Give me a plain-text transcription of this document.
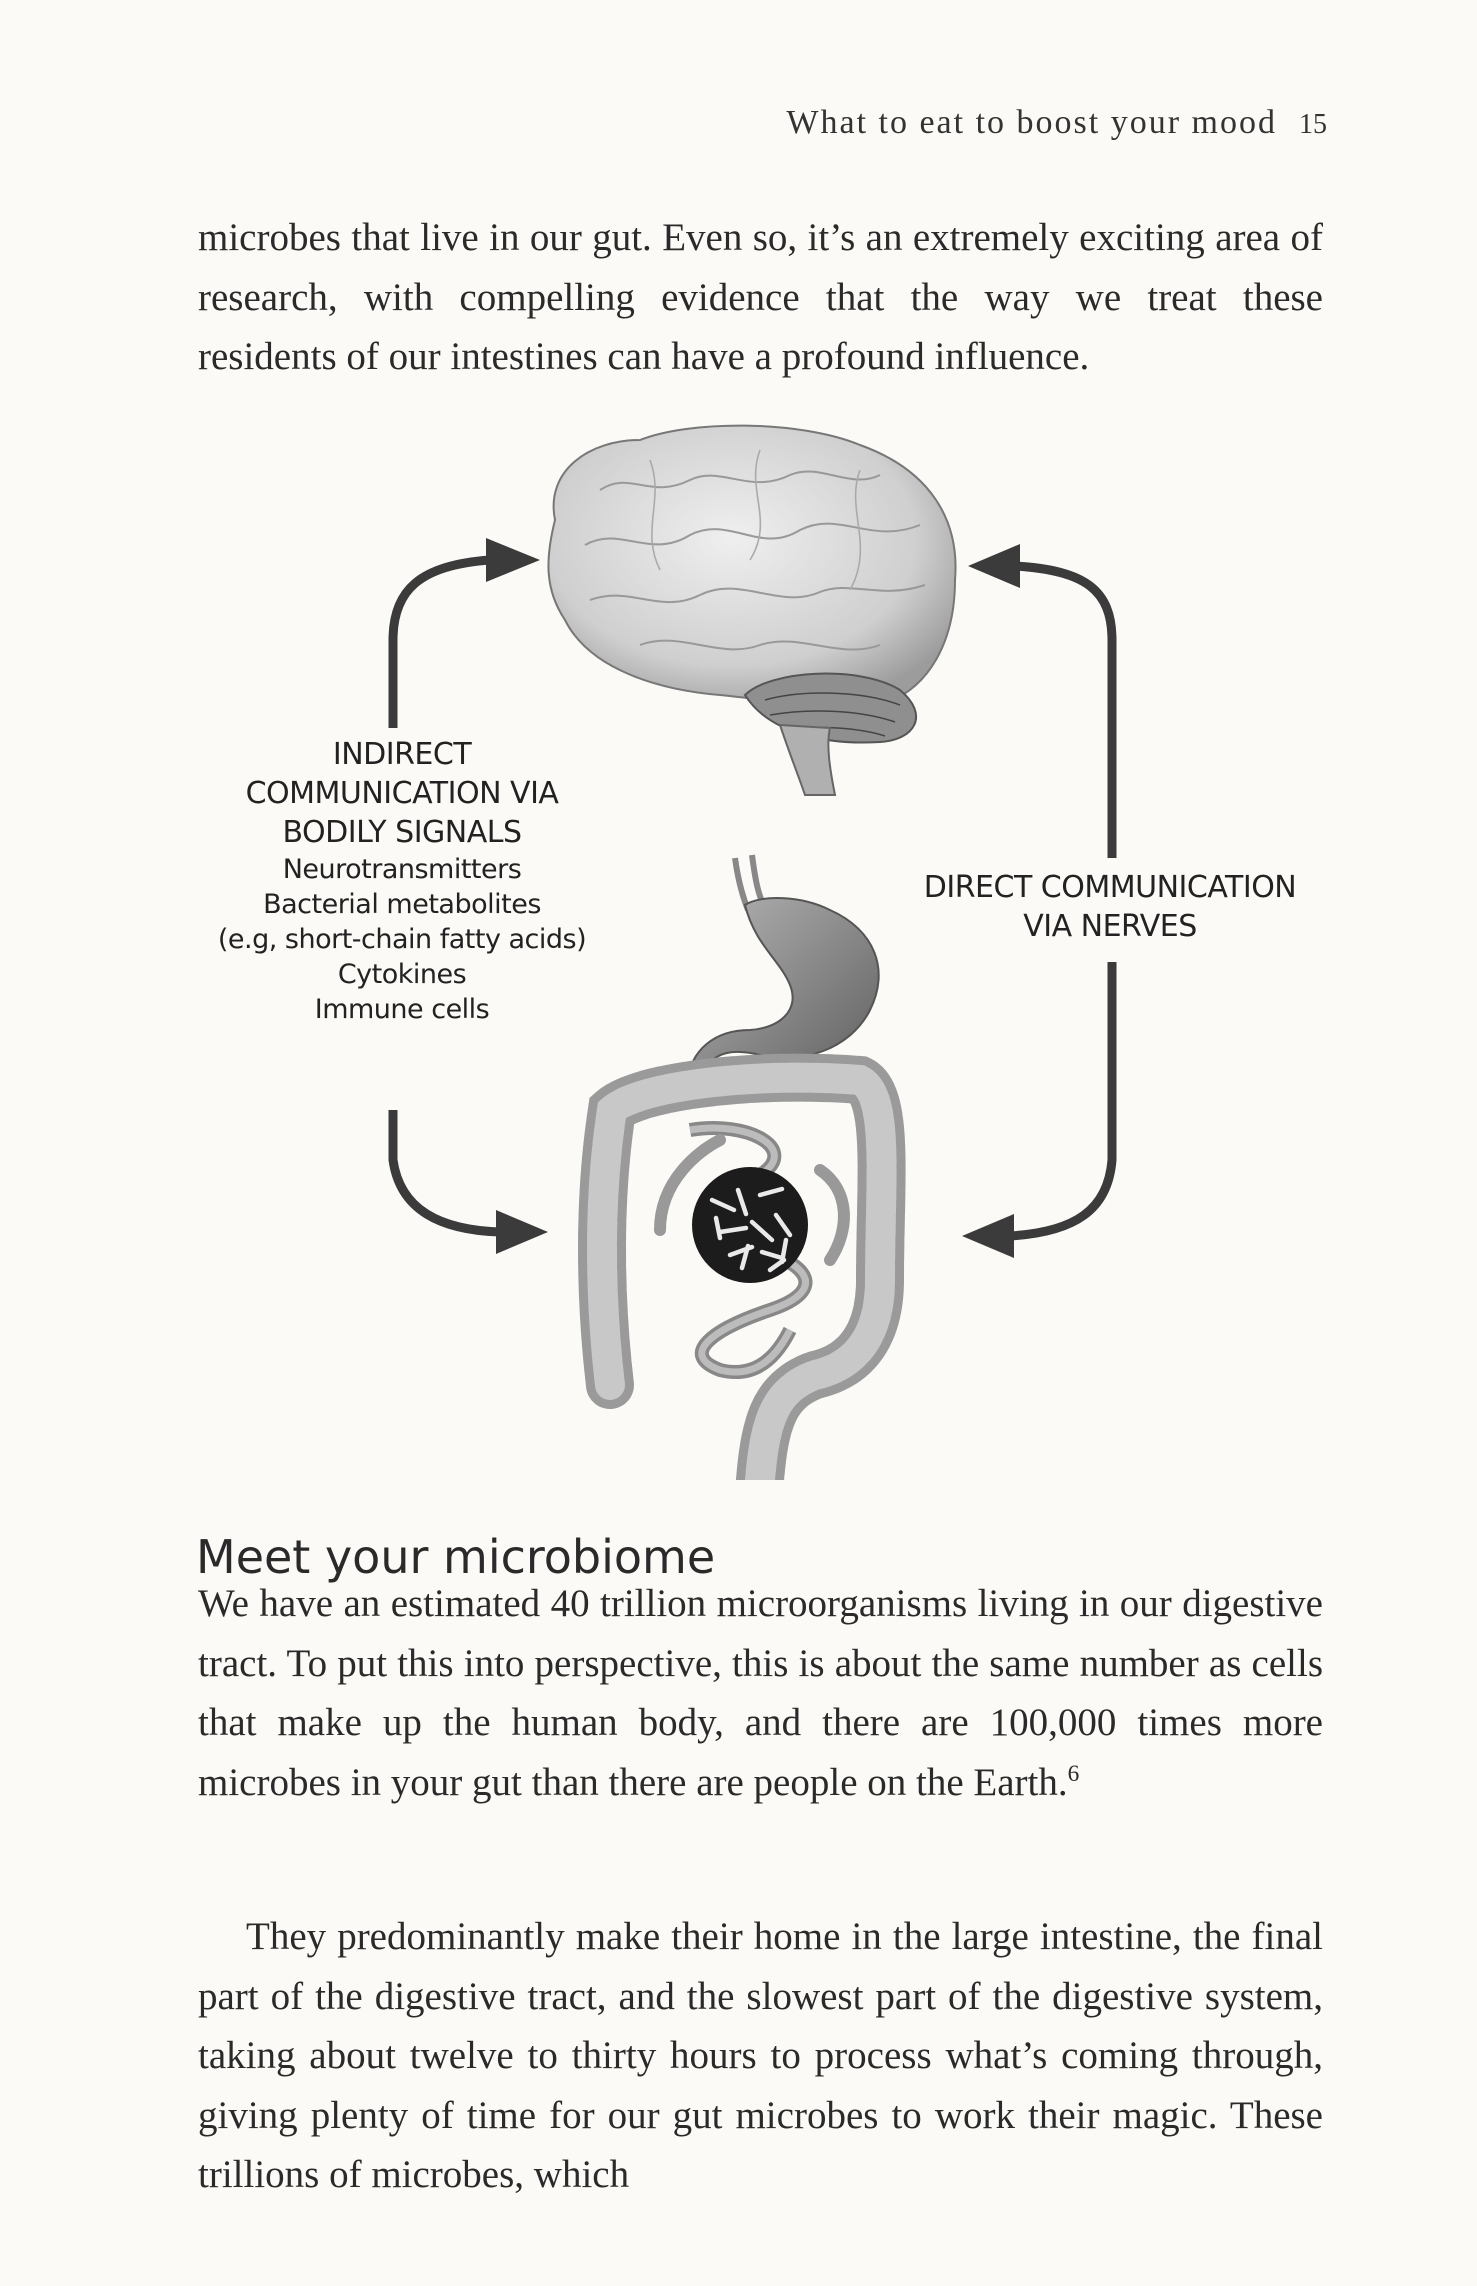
What to eat to boost your mood 15

microbes that live in our gut. Even so, it’s an extremely exciting area of research, with compelling evidence that the way we treat these residents of our intestines can have a profound influence.

INDIRECT
COMMUNICATION VIA
BODILY SIGNALS
Neurotransmitters
Bacterial metabolites
(e.g, short-chain fatty acids)
Cytokines
Immune cells
DIRECT COMMUNICATION
VIA NERVES
Meet your microbiome

We have an estimated 40 trillion microorganisms living in our digestive tract. To put this into perspective, this is about the same number as cells that make up the human body, and there are 100,000 times more microbes in your gut than there are people on the Earth.$^6$

They predominantly make their home in the large intestine, the final part of the digestive tract, and the slowest part of the digestive system, taking about twelve to thirty hours to process what’s coming through, giving plenty of time for our gut microbes to work their magic. These trillions of microbes, which
